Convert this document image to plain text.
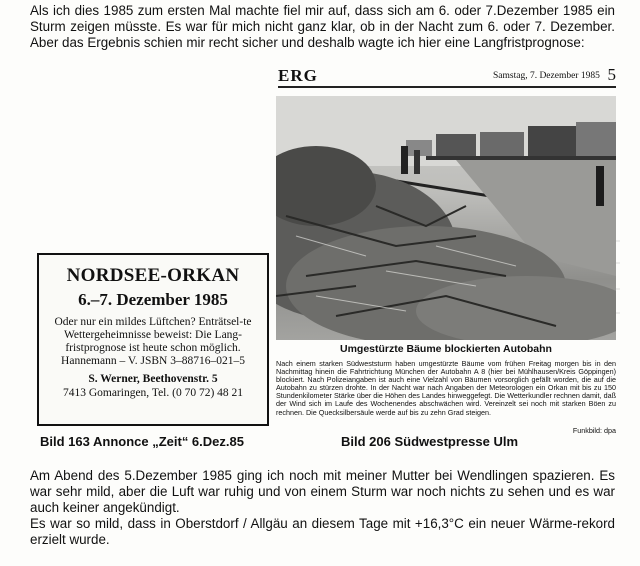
Als ich dies 1985 zum ersten Mal machte fiel mir auf, dass sich am 6. oder 7.Dezember 1985 ein Sturm zeigen müsste. Es war für mich nicht ganz klar, ob in der Nacht zum 6. oder 7. Dezember. Aber das Ergebnis schien mir recht sicher und deshalb wagte ich hier eine Langfristprognose:
ERG	Samstag, 7. Dezember 1985 5
Umgestürzte Bäume blockierten Autobahn
Nach einem starken Südweststurm haben umgestürzte Bäume vom frühen Freitag morgen bis in den Nachmittag hinein die Fahrtrichtung München der Autobahn A 8 (hier bei Mühlhausen/Kreis Göppingen) blockiert. Nach Polizeiangaben ist auch eine Vielzahl von Bäumen vorsorglich gefällt worden, die auf die Autobahn zu stürzen drohte. In der Nacht war nach Angaben der Meteorologen ein Orkan mit bis zu 150 Stundenkilometer Stärke über die Höhen des Landes hinweggefegt. Die Wetterkundler rechnen damit, daß der Wind sich im Laufe des Wochenendes abschwächen wird. Vereinzelt sei noch mit starken Böen zu rechnen. Die Quecksilbersäule werde auf bis zu zehn Grad steigen.
Funkbild: dpa
NORDSEE-ORKAN
6.–7. Dezember 1985
Oder nur ein mildes Lüftchen? Enträtsel-te Wettergeheimnisse beweist: Die Lang-fristprognose ist heute schon möglich. Hannemann – V. JSBN 3–88716–021–5
S. Werner, Beethovenstr. 5
7413 Gomaringen, Tel. (0 70 72) 48 21
Bild 163 Annonce „Zeit“ 6.Dez.85	Bild 206 Südwestpresse Ulm
Am Abend des 5.Dezember 1985 ging ich noch mit meiner Mutter bei Wendlingen spazieren. Es war sehr mild, aber die Luft war ruhig und von einem Sturm war noch nichts zu sehen und es war auch keiner angekündigt.
Es war so mild, dass in Oberstdorf / Allgäu an diesem Tage mit +16,3°C ein neuer Wärme-rekord erzielt wurde.
